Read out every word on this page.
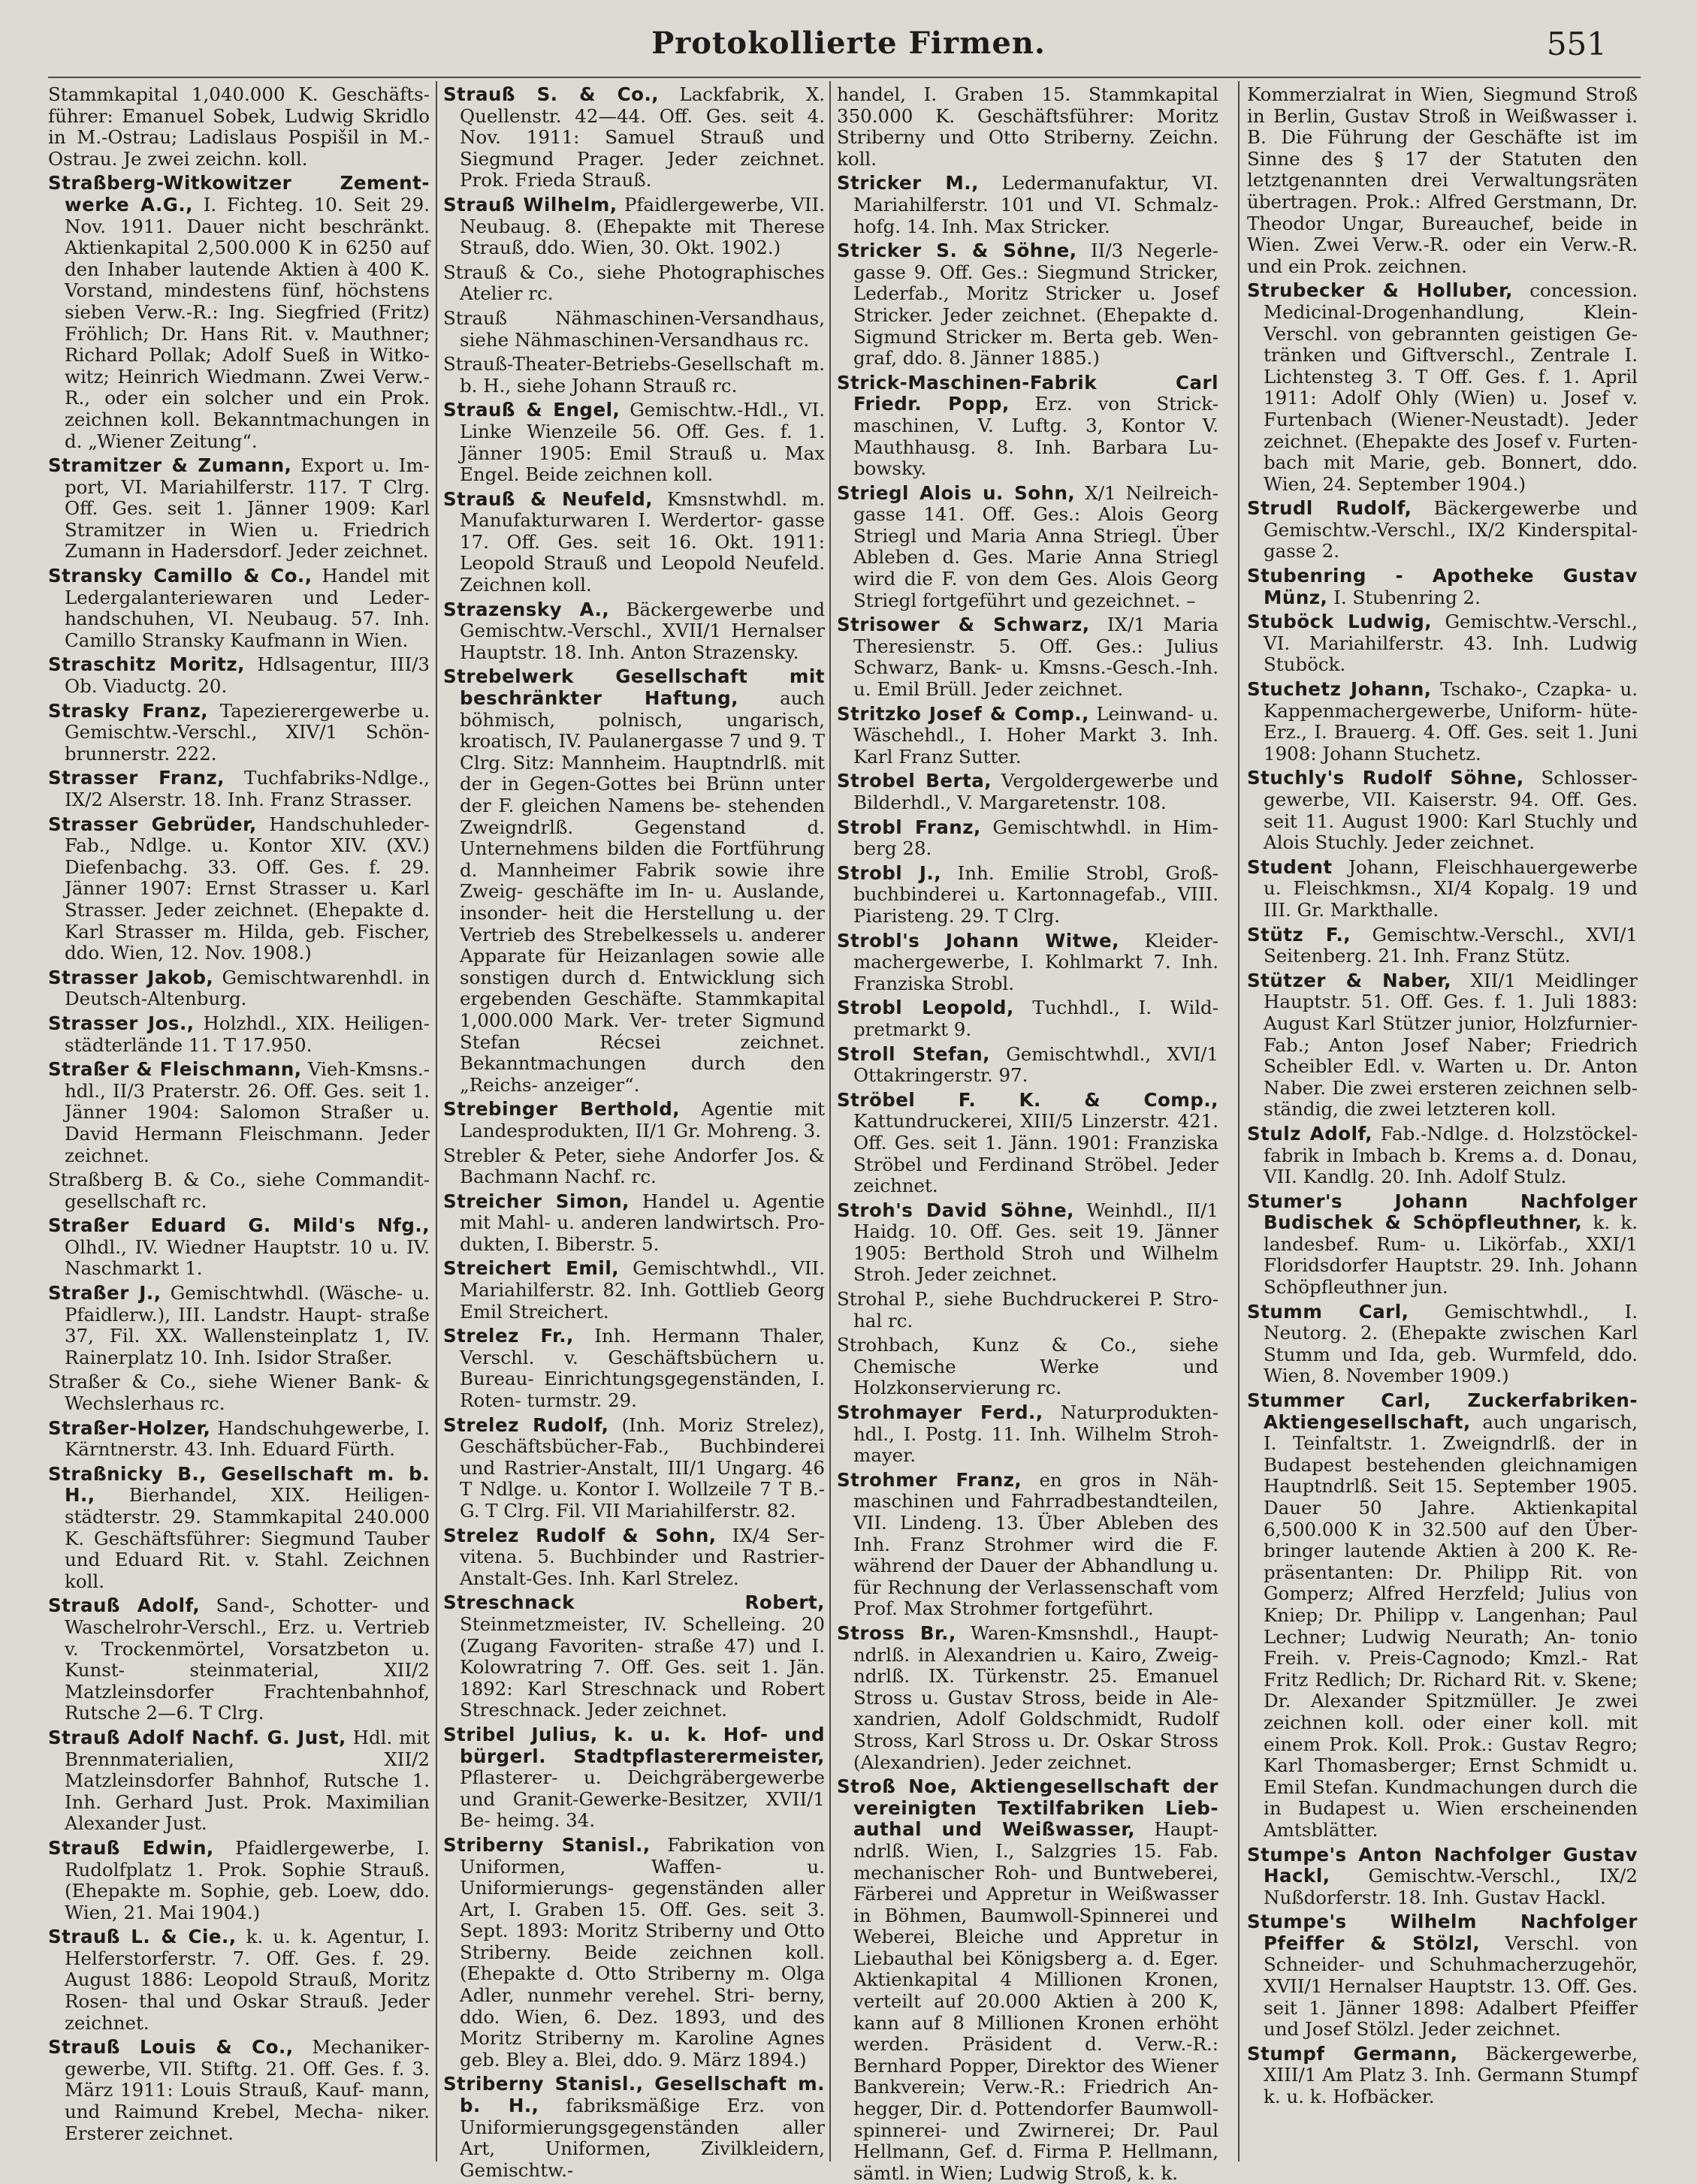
Protokollierte Firmen.	551
Stammkapital 1,040.000 K. Geschäfts- führer: Emanuel Sobek, Ludwig Skridlo in M.-Ostrau; Ladislaus Pospišil in M.-Ostrau. Je zwei zeichn. koll.
Straßberg-Witkowitzer Zement- werke A.G., I. Fichteg. 10. Seit 29. Nov. 1911. Dauer nicht beschränkt. Aktienkapital 2,500.000 K in 6250 auf den Inhaber lautende Aktien à 400 K. Vorstand, mindestens fünf, höchstens sieben Verw.-R.: Ing. Siegfried (Fritz) Fröhlich; Dr. Hans Rit. v. Mauthner; Richard Pollak; Adolf Sueß in Witko- witz; Heinrich Wiedmann. Zwei Verw.- R., oder ein solcher und ein Prok. zeichnen koll. Bekanntmachungen in d. „Wiener Zeitung“.
Stramitzer & Zumann, Export u. Im- port, VI. Mariahilferstr. 117. T Clrg. Off. Ges. seit 1. Jänner 1909: Karl Stramitzer in Wien u. Friedrich Zumann in Hadersdorf. Jeder zeichnet.
Stransky Camillo & Co., Handel mit Ledergalanteriewaren und Leder- handschuhen, VI. Neubaug. 57. Inh. Camillo Stransky Kaufmann in Wien.
Straschitz Moritz, Hdlsagentur, III/3 Ob. Viaductg. 20.
Strasky Franz, Tapezierergewerbe u. Gemischtw.-Verschl., XIV/1 Schön- brunnerstr. 222.
Strasser Franz, Tuchfabriks-Ndlge., IX/2 Alserstr. 18. Inh. Franz Strasser.
Strasser Gebrüder, Handschuhleder- Fab., Ndlge. u. Kontor XIV. (XV.) Diefenbachg. 33. Off. Ges. f. 29. Jänner 1907: Ernst Strasser u. Karl Strasser. Jeder zeichnet. (Ehepakte d. Karl Strasser m. Hilda, geb. Fischer, ddo. Wien, 12. Nov. 1908.)
Strasser Jakob, Gemischtwarenhdl. in Deutsch-Altenburg.
Strasser Jos., Holzhdl., XIX. Heiligen- städterlände 11. T 17.950.
Straßer & Fleischmann, Vieh-Kmsns.- hdl., II/3 Praterstr. 26. Off. Ges. seit 1. Jänner 1904: Salomon Straßer u. David Hermann Fleischmann. Jeder zeichnet.
Straßberg B. & Co., siehe Commandit- gesellschaft rc.
Straßer Eduard G. Mild's Nfg., Olhdl., IV. Wiedner Hauptstr. 10 u. IV. Naschmarkt 1.
Straßer J., Gemischtwhdl. (Wäsche- u. Pfaidlerw.), III. Landstr. Haupt- straße 37, Fil. XX. Wallensteinplatz 1, IV. Rainerplatz 10. Inh. Isidor Straßer.
Straßer & Co., siehe Wiener Bank- & Wechslerhaus rc.
Straßer-Holzer, Handschuhgewerbe, I. Kärntnerstr. 43. Inh. Eduard Fürth.
Straßnicky B., Gesellschaft m. b. H., Bierhandel, XIX. Heiligen- städterstr. 29. Stammkapital 240.000 K. Geschäftsführer: Siegmund Tauber und Eduard Rit. v. Stahl. Zeichnen koll.
Strauß Adolf, Sand-, Schotter- und Waschelrohr-Verschl., Erz. u. Vertrieb v. Trockenmörtel, Vorsatzbeton u. Kunst- steinmaterial, XII/2 Matzleinsdorfer Frachtenbahnhof, Rutsche 2—6. T Clrg.
Strauß Adolf Nachf. G. Just, Hdl. mit Brennmaterialien, XII/2 Matzleinsdorfer Bahnhof, Rutsche 1. Inh. Gerhard Just. Prok. Maximilian Alexander Just.
Strauß Edwin, Pfaidlergewerbe, I. Rudolfplatz 1. Prok. Sophie Strauß. (Ehepakte m. Sophie, geb. Loew, ddo. Wien, 21. Mai 1904.)
Strauß L. & Cie., k. u. k. Agentur, I. Helferstorferstr. 7. Off. Ges. f. 29. August 1886: Leopold Strauß, Moritz Rosen- thal und Oskar Strauß. Jeder zeichnet.
Strauß Louis & Co., Mechaniker- gewerbe, VII. Stiftg. 21. Off. Ges. f. 3. März 1911: Louis Strauß, Kauf- mann, und Raimund Krebel, Mecha- niker. Ersterer zeichnet.
Strauß S. & Co., Lackfabrik, X. Quellenstr. 42—44. Off. Ges. seit 4. Nov. 1911: Samuel Strauß und Siegmund Prager. Jeder zeichnet. Prok. Frieda Strauß.
Strauß Wilhelm, Pfaidlergewerbe, VII. Neubaug. 8. (Ehepakte mit Therese Strauß, ddo. Wien, 30. Okt. 1902.)
Strauß & Co., siehe Photographisches Atelier rc.
Strauß Nähmaschinen-Versandhaus, siehe Nähmaschinen-Versandhaus rc.
Strauß-Theater-Betriebs-Gesellschaft m. b. H., siehe Johann Strauß rc.
Strauß & Engel, Gemischtw.-Hdl., VI. Linke Wienzeile 56. Off. Ges. f. 1. Jänner 1905: Emil Strauß u. Max Engel. Beide zeichnen koll.
Strauß & Neufeld, Kmsnstwhdl. m. Manufakturwaren I. Werdertor- gasse 17. Off. Ges. seit 16. Okt. 1911: Leopold Strauß und Leopold Neufeld. Zeichnen koll.
Strazensky A., Bäckergewerbe und Gemischtw.-Verschl., XVII/1 Hernalser Hauptstr. 18. Inh. Anton Strazensky.
Strebelwerk Gesellschaft mit beschränkter Haftung, auch böhmisch, polnisch, ungarisch, kroatisch, IV. Paulanergasse 7 und 9. T Clrg. Sitz: Mannheim. Hauptndrlß. mit der in Gegen-Gottes bei Brünn unter der F. gleichen Namens be- stehenden Zweigndrlß. Gegenstand d. Unternehmens bilden die Fortführung d. Mannheimer Fabrik sowie ihre Zweig- geschäfte im In- u. Auslande, insonder- heit die Herstellung u. der Vertrieb des Strebelkessels u. anderer Apparate für Heizanlagen sowie alle sonstigen durch d. Entwicklung sich ergebenden Geschäfte. Stammkapital 1,000.000 Mark. Ver- treter Sigmund Stefan Récsei zeichnet. Bekanntmachungen durch den „Reichs- anzeiger“.
Strebinger Berthold, Agentie mit Landesprodukten, II/1 Gr. Mohreng. 3.
Strebler & Peter, siehe Andorfer Jos. & Bachmann Nachf. rc.
Streicher Simon, Handel u. Agentie mit Mahl- u. anderen landwirtsch. Pro- dukten, I. Biberstr. 5.
Streichert Emil, Gemischtwhdl., VII. Mariahilferstr. 82. Inh. Gottlieb Georg Emil Streichert.
Strelez Fr., Inh. Hermann Thaler, Verschl. v. Geschäftsbüchern u. Bureau- Einrichtungsgegenständen, I. Roten- turmstr. 29.
Strelez Rudolf, (Inh. Moriz Strelez), Geschäftsbücher-Fab., Buchbinderei und Rastrier-Anstalt, III/1 Ungarg. 46 T Ndlge. u. Kontor I. Wollzeile 7 T B.-G. T Clrg. Fil. VII Mariahilferstr. 82.
Strelez Rudolf & Sohn, IX/4 Ser- vitena. 5. Buchbinder und Rastrier- Anstalt-Ges. Inh. Karl Strelez.
Streschnack Robert, Steinmetzmeister, IV. Schelleing. 20 (Zugang Favoriten- straße 47) und I. Kolowratring 7. Off. Ges. seit 1. Jän. 1892: Karl Streschnack und Robert Streschnack. Jeder zeichnet.
Stribel Julius, k. u. k. Hof- und bürgerl. Stadtpflasterermeister, Pflasterer- u. Deichgräbergewerbe und Granit-Gewerke-Besitzer, XVII/1 Be- heimg. 34.
Striberny Stanisl., Fabrikation von Uniformen, Waffen- u. Uniformierungs- gegenständen aller Art, I. Graben 15. Off. Ges. seit 3. Sept. 1893: Moritz Striberny und Otto Striberny. Beide zeichnen koll. (Ehepakte d. Otto Striberny m. Olga Adler, nunmehr verehel. Stri- berny, ddo. Wien, 6. Dez. 1893, und des Moritz Striberny m. Karoline Agnes geb. Bley a. Blei, ddo. 9. März 1894.)
Striberny Stanisl., Gesellschaft m. b. H., fabriksmäßige Erz. von Uniformierungsgegenständen aller Art, Uniformen, Zivilkleidern, Gemischtw.-
handel, I. Graben 15. Stammkapital 350.000 K. Geschäftsführer: Moritz Striberny und Otto Striberny. Zeichn. koll.
Stricker M., Ledermanufaktur, VI. Mariahilferstr. 101 und VI. Schmalz- hofg. 14. Inh. Max Stricker.
Stricker S. & Söhne, II/3 Negerle- gasse 9. Off. Ges.: Siegmund Stricker, Lederfab., Moritz Stricker u. Josef Stricker. Jeder zeichnet. (Ehepakte d. Sigmund Stricker m. Berta geb. Wen- graf, ddo. 8. Jänner 1885.)
Strick-Maschinen-Fabrik Carl Friedr. Popp, Erz. von Strick- maschinen, V. Luftg. 3, Kontor V. Mauthhausg. 8. Inh. Barbara Lu- bowsky.
Striegl Alois u. Sohn, X/1 Neilreich- gasse 141. Off. Ges.: Alois Georg Striegl und Maria Anna Striegl. Über Ableben d. Ges. Marie Anna Striegl wird die F. von dem Ges. Alois Georg Striegl fortgeführt und gezeichnet. –
Strisower & Schwarz, IX/1 Maria Theresienstr. 5. Off. Ges.: Julius Schwarz, Bank- u. Kmsns.-Gesch.-Inh. u. Emil Brüll. Jeder zeichnet.
Stritzko Josef & Comp., Leinwand- u. Wäschehdl., I. Hoher Markt 3. Inh. Karl Franz Sutter.
Strobel Berta, Vergoldergewerbe und Bilderhdl., V. Margaretenstr. 108.
Strobl Franz, Gemischtwhdl. in Him- berg 28.
Strobl J., Inh. Emilie Strobl, Groß- buchbinderei u. Kartonnagefab., VIII. Piaristeng. 29. T Clrg.
Strobl's Johann Witwe, Kleider- machergewerbe, I. Kohlmarkt 7. Inh. Franziska Strobl.
Strobl Leopold, Tuchhdl., I. Wild- pretmarkt 9.
Stroll Stefan, Gemischtwhdl., XVI/1 Ottakringerstr. 97.
Ströbel F. K. & Comp., Kattundruckerei, XIII/5 Linzerstr. 421. Off. Ges. seit 1. Jänn. 1901: Franziska Ströbel und Ferdinand Ströbel. Jeder zeichnet.
Stroh's David Söhne, Weinhdl., II/1 Haidg. 10. Off. Ges. seit 19. Jänner 1905: Berthold Stroh und Wilhelm Stroh. Jeder zeichnet.
Strohal P., siehe Buchdruckerei P. Stro- hal rc.
Strohbach, Kunz & Co., siehe Chemische Werke und Holzkonservierung rc.
Strohmayer Ferd., Naturprodukten- hdl., I. Postg. 11. Inh. Wilhelm Stroh- mayer.
Strohmer Franz, en gros in Näh- maschinen und Fahrradbestandteilen, VII. Lindeng. 13. Über Ableben des Inh. Franz Strohmer wird die F. während der Dauer der Abhandlung u. für Rechnung der Verlassenschaft vom Prof. Max Strohmer fortgeführt.
Stross Br., Waren-Kmsnshdl., Haupt- ndrlß. in Alexandrien u. Kairo, Zweig- ndrlß. IX. Türkenstr. 25. Emanuel Stross u. Gustav Stross, beide in Ale- xandrien, Adolf Goldschmidt, Rudolf Stross, Karl Stross u. Dr. Oskar Stross (Alexandrien). Jeder zeichnet.
Stroß Noe, Aktiengesellschaft der vereinigten Textilfabriken Lieb- authal und Weißwasser, Haupt- ndrlß. Wien, I., Salzgries 15. Fab. mechanischer Roh- und Buntweberei, Färberei und Appretur in Weißwasser in Böhmen, Baumwoll-Spinnerei und Weberei, Bleiche und Appretur in Liebauthal bei Königsberg a. d. Eger. Aktienkapital 4 Millionen Kronen, verteilt auf 20.000 Aktien à 200 K, kann auf 8 Millionen Kronen erhöht werden. Präsident d. Verw.-R.: Bernhard Popper, Direktor des Wiener Bankverein; Verw.-R.: Friedrich An- hegger, Dir. d. Pottendorfer Baumwoll- spinnerei- und Zwirnerei; Dr. Paul Hellmann, Gef. d. Firma P. Hellmann, sämtl. in Wien; Ludwig Stroß, k. k.
Kommerzialrat in Wien, Siegmund Stroß in Berlin, Gustav Stroß in Weißwasser i. B. Die Führung der Geschäfte ist im Sinne des § 17 der Statuten den letztgenannten drei Verwaltungsräten übertragen. Prok.: Alfred Gerstmann, Dr. Theodor Ungar, Bureauchef, beide in Wien. Zwei Verw.-R. oder ein Verw.-R. und ein Prok. zeichnen.
Strubecker & Holluber, concession. Medicinal-Drogenhandlung, Klein- Verschl. von gebrannten geistigen Ge- tränken und Giftverschl., Zentrale I. Lichtensteg 3. T Off. Ges. f. 1. April 1911: Adolf Ohly (Wien) u. Josef v. Furtenbach (Wiener-Neustadt). Jeder zeichnet. (Ehepakte des Josef v. Furten- bach mit Marie, geb. Bonnert, ddo. Wien, 24. September 1904.)
Strudl Rudolf, Bäckergewerbe und Gemischtw.-Verschl., IX/2 Kinderspital- gasse 2.
Stubenring - Apotheke Gustav Münz, I. Stubenring 2.
Stuböck Ludwig, Gemischtw.-Verschl., VI. Mariahilferstr. 43. Inh. Ludwig Stuböck.
Stuchetz Johann, Tschako-, Czapka- u. Kappenmachergewerbe, Uniform- hüte-Erz., I. Brauerg. 4. Off. Ges. seit 1. Juni 1908: Johann Stuchetz.
Stuchly's Rudolf Söhne, Schlosser- gewerbe, VII. Kaiserstr. 94. Off. Ges. seit 11. August 1900: Karl Stuchly und Alois Stuchly. Jeder zeichnet.
Student Johann, Fleischhauergewerbe u. Fleischkmsn., XI/4 Kopalg. 19 und III. Gr. Markthalle.
Stütz F., Gemischtw.-Verschl., XVI/1 Seitenberg. 21. Inh. Franz Stütz.
Stützer & Naber, XII/1 Meidlinger Hauptstr. 51. Off. Ges. f. 1. Juli 1883: August Karl Stützer junior, Holzfurnier- Fab.; Anton Josef Naber; Friedrich Scheibler Edl. v. Warten u. Dr. Anton Naber. Die zwei ersteren zeichnen selb- ständig, die zwei letzteren koll.
Stulz Adolf, Fab.-Ndlge. d. Holzstöckel- fabrik in Imbach b. Krems a. d. Donau, VII. Kandlg. 20. Inh. Adolf Stulz.
Stumer's Johann Nachfolger Budischek & Schöpfleuthner, k. k. landesbef. Rum- u. Likörfab., XXI/1 Floridsdorfer Hauptstr. 29. Inh. Johann Schöpfleuthner jun.
Stumm Carl, Gemischtwhdl., I. Neutorg. 2. (Ehepakte zwischen Karl Stumm und Ida, geb. Wurmfeld, ddo. Wien, 8. November 1909.)
Stummer Carl, Zuckerfabriken- Aktiengesellschaft, auch ungarisch, I. Teinfaltstr. 1. Zweigndrlß. der in Budapest bestehenden gleichnamigen Hauptndrlß. Seit 15. September 1905. Dauer 50 Jahre. Aktienkapital 6,500.000 K in 32.500 auf den Über- bringer lautende Aktien à 200 K. Re- präsentanten: Dr. Philipp Rit. von Gomperz; Alfred Herzfeld; Julius von Kniep; Dr. Philipp v. Langenhan; Paul Lechner; Ludwig Neurath; An- tonio Freih. v. Preis-Cagnodo; Kmzl.- Rat Fritz Redlich; Dr. Richard Rit. v. Skene; Dr. Alexander Spitzmüller. Je zwei zeichnen koll. oder einer koll. mit einem Prok. Koll. Prok.: Gustav Regro; Karl Thomasberger; Ernst Schmidt u. Emil Stefan. Kundmachungen durch die in Budapest u. Wien erscheinenden Amtsblätter.
Stumpe's Anton Nachfolger Gustav Hackl, Gemischtw.-Verschl., IX/2 Nußdorferstr. 18. Inh. Gustav Hackl.
Stumpe's Wilhelm Nachfolger Pfeiffer & Stölzl, Verschl. von Schneider- und Schuhmacherzugehör, XVII/1 Hernalser Hauptstr. 13. Off. Ges. seit 1. Jänner 1898: Adalbert Pfeiffer und Josef Stölzl. Jeder zeichnet.
Stumpf Germann, Bäckergewerbe, XIII/1 Am Platz 3. Inh. Germann Stumpf k. u. k. Hofbäcker.
